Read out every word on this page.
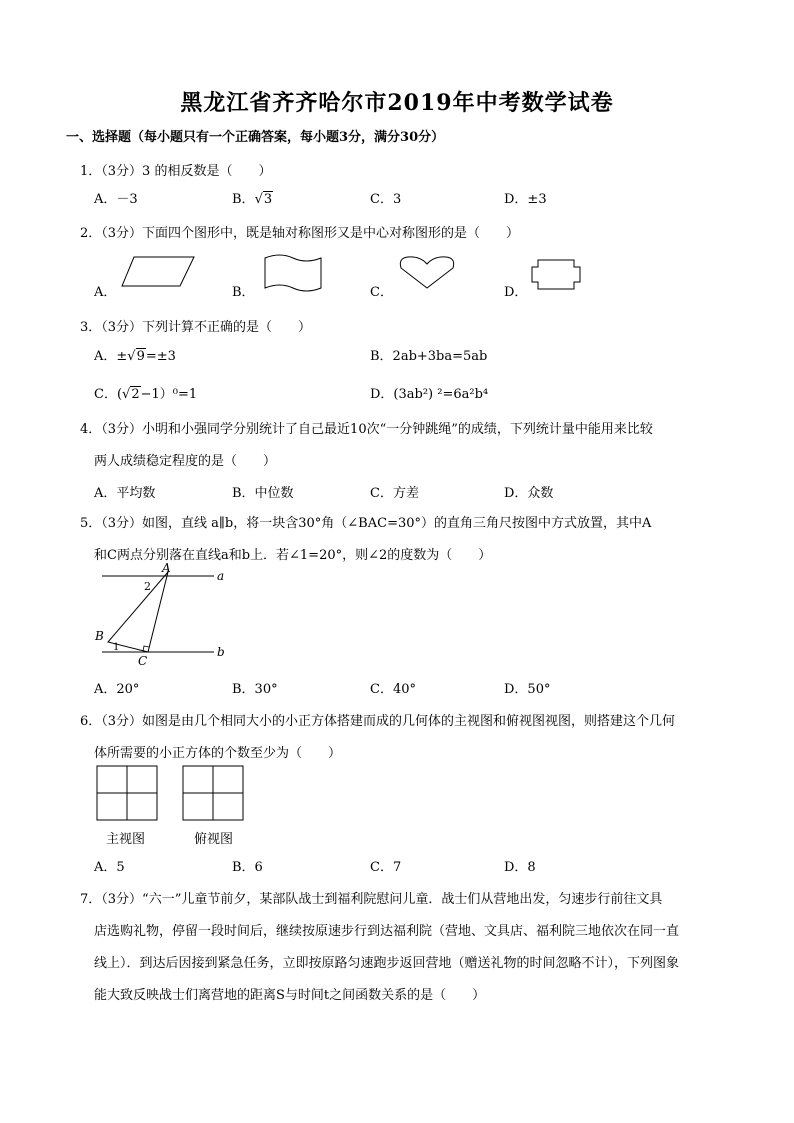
黑龙江省齐齐哈尔市2019年中考数学试卷
一、选择题（每小题只有一个正确答案，每小题3分，满分30分）
1．（3分）3 的相反数是（　　）
A．－3	B．√3	C．3	D．±3
2．（3分）下面四个图形中，既是轴对称图形又是中心对称图形的是（　　）
A．	B．	C．	D．
3．（3分）下列计算不正确的是（　　）
A．±√9=±3	B．2ab+3ba=5ab
C．(√2−1）⁰=1	D．(3ab²) ²=6a²b⁴
4．（3分）小明和小强同学分别统计了自己最近10次“一分钟跳绳”的成绩，下列统计量中能用来比较
两人成绩稳定程度的是（　　）
A．平均数	B．中位数	C．方差	D．众数
5．（3分）如图，直线 a∥b，将一块含30°角（∠BAC=30°）的直角三角尺按图中方式放置，其中A
和C两点分别落在直线a和b上．若∠1=20°，则∠2的度数为（　　）
A
B
C
a
b
1
2
A．20°	B．30°	C．40°	D．50°
6．（3分）如图是由几个相同大小的小正方体搭建而成的几何体的主视图和俯视图视图，则搭建这个几何
体所需要的小正方体的个数至少为（　　）
主视图	俯视图
A．5	B．6	C．7	D．8
7．（3分）“六一”儿童节前夕，某部队战士到福利院慰问儿童．战士们从营地出发，匀速步行前往文具
店选购礼物，停留一段时间后，继续按原速步行到达福利院（营地、文具店、福利院三地依次在同一直
线上）．到达后因接到紧急任务，立即按原路匀速跑步返回营地（赠送礼物的时间忽略不计），下列图象
能大致反映战士们离营地的距离S与时间t之间函数关系的是（　　）
